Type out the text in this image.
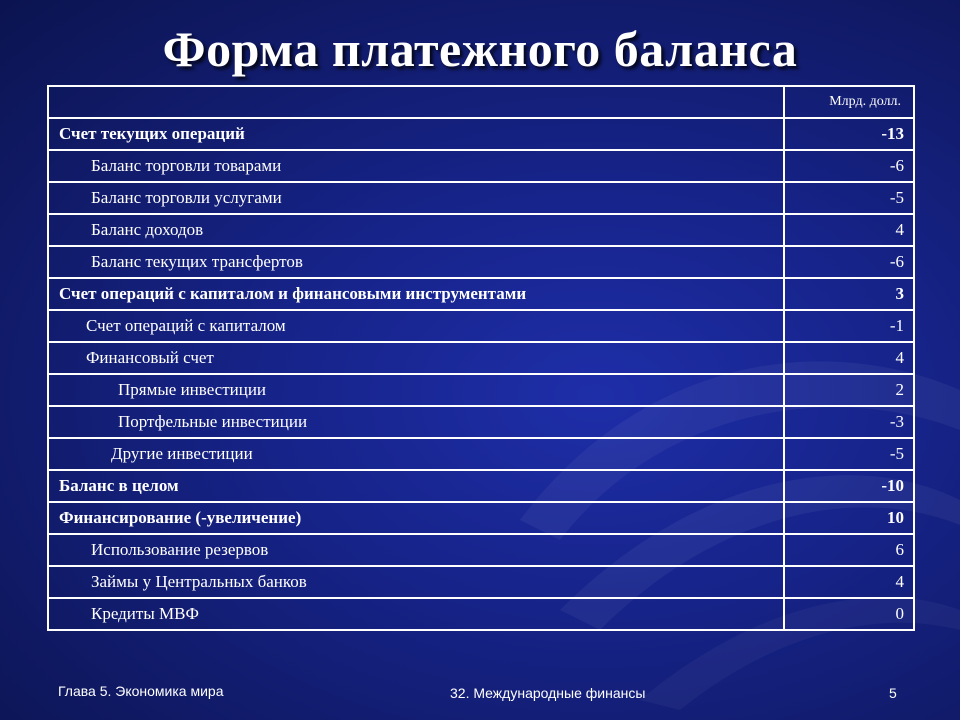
Форма платежного баланса
	Млрд. долл.
Счет текущих операций	-13
Баланс торговли товарами	-6
Баланс торговли услугами	-5
Баланс доходов	4
Баланс текущих трансфертов	-6
Счет операций с капиталом и финансовыми инструментами	3
Счет операций с капиталом	-1
Финансовый счет	4
Прямые инвестиции	2
Портфельные инвестиции	-3
Другие инвестиции	-5
Баланс в целом	-10
Финансирование (-увеличение)	10
Использование резервов	6
Займы у Центральных банков	4
Кредиты МВФ	0
Глава 5. Экономика мира	32. Международные финансы	5
